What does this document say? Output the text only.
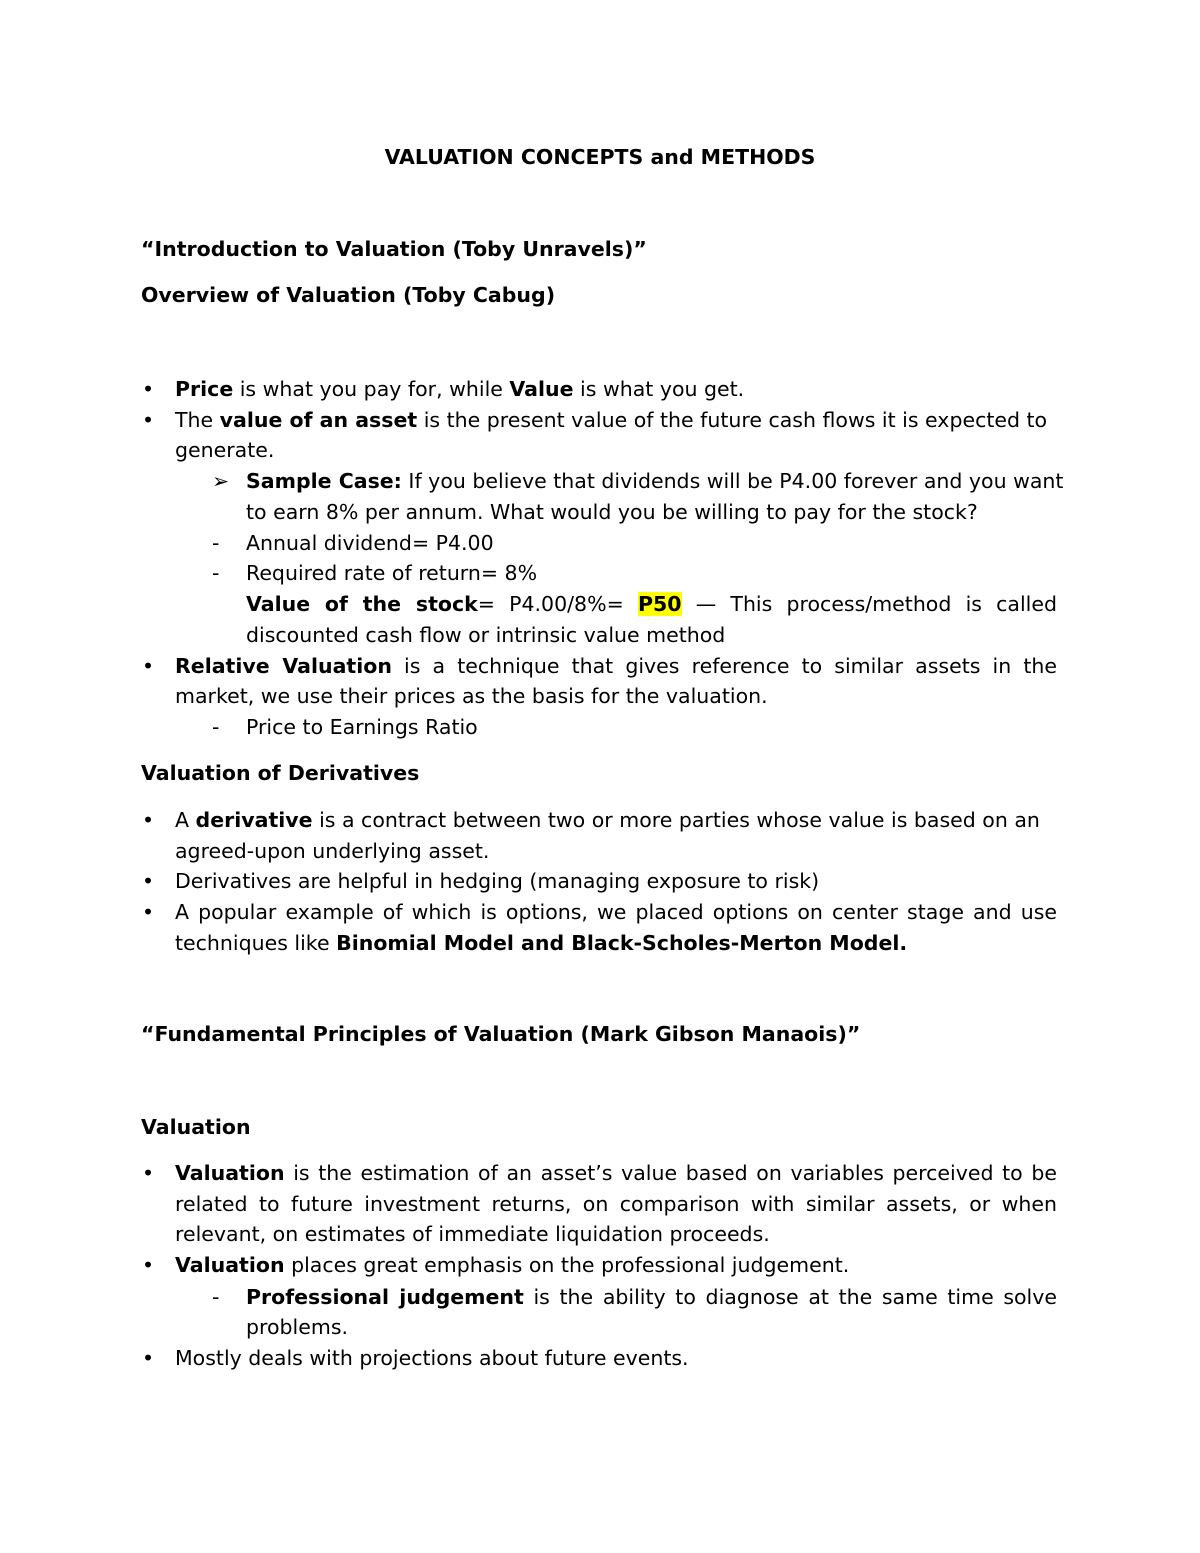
VALUATION CONCEPTS and METHODS
“Introduction to Valuation (Toby Unravels)”
Overview of Valuation (Toby Cabug)
• Price is what you pay for, while Value is what you get.
• The value of an asset is the present value of the future cash flows it is expected to
generate.
➢ Sample Case: If you believe that dividends will be P4.00 forever and you want
to earn 8% per annum. What would you be willing to pay for the stock?
- Annual dividend= P4.00
- Required rate of return= 8%
Value of the stock= P4.00/8%= P50 — This process/method is called
discounted cash flow or intrinsic value method
• Relative Valuation is a technique that gives reference to similar assets in the
market, we use their prices as the basis for the valuation.
- Price to Earnings Ratio
Valuation of Derivatives
• A derivative is a contract between two or more parties whose value is based on an
agreed-upon underlying asset.
• Derivatives are helpful in hedging (managing exposure to risk)
• A popular example of which is options, we placed options on center stage and use
techniques like Binomial Model and Black-Scholes-Merton Model.
“Fundamental Principles of Valuation (Mark Gibson Manaois)”
Valuation
• Valuation is the estimation of an asset’s value based on variables perceived to be
related to future investment returns, on comparison with similar assets, or when
relevant, on estimates of immediate liquidation proceeds.
• Valuation places great emphasis on the professional judgement.
- Professional judgement is the ability to diagnose at the same time solve
problems.
• Mostly deals with projections about future events.
